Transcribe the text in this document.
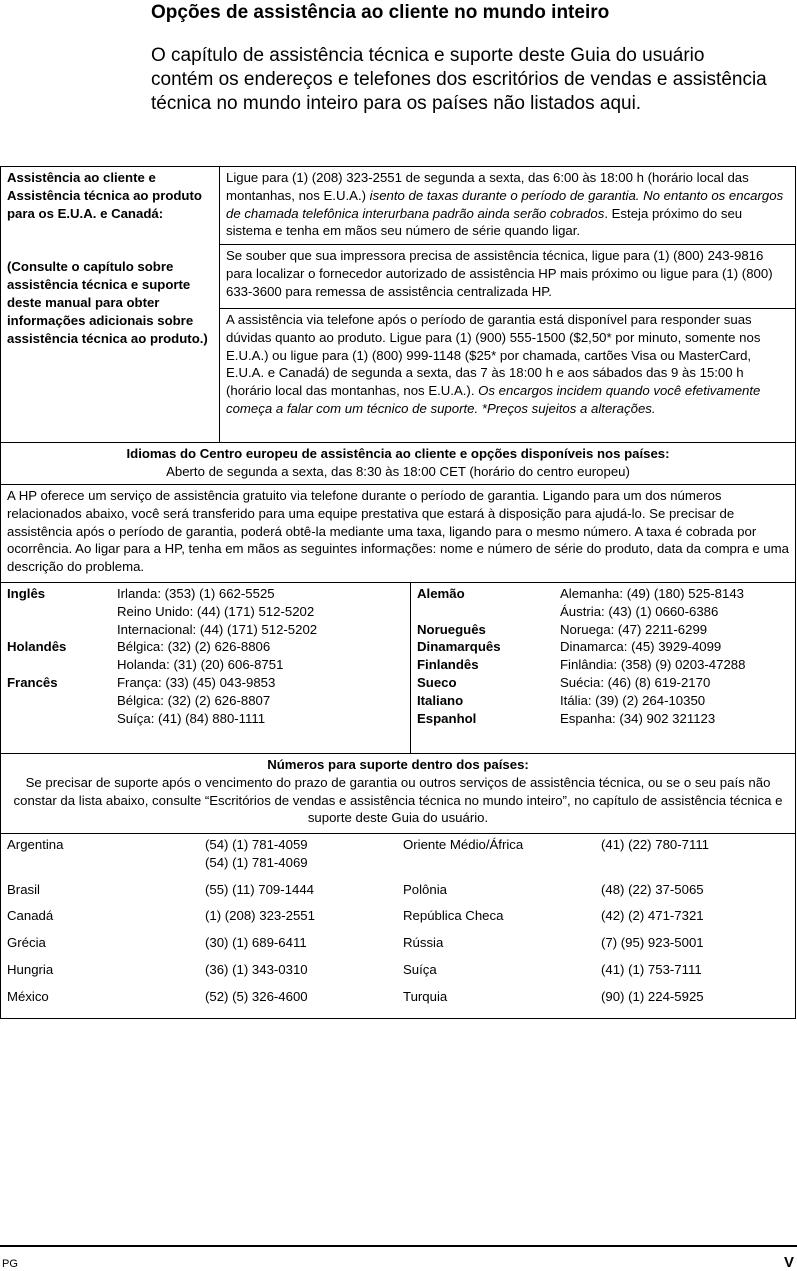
Opções de assistência ao cliente no mundo inteiro
O capítulo de assistência técnica e suporte deste Guia do usuário contém os endereços e telefones dos escritórios de vendas e assistência técnica no mundo inteiro para os países não listados aqui.
Assistência ao cliente e Assistência técnica ao produto para os E.U.A. e Canadá:
(Consulte o capítulo sobre assistência técnica e suporte deste manual para obter informações adicionais sobre assistência técnica ao produto.)
	Ligue para (1) (208) 323-2551 de segunda a sexta, das 6:00 às 18:00 h (horário local das montanhas, nos E.U.A.) isento de taxas durante o período de garantia. No entanto os encargos de chamada telefônica interurbana padrão ainda serão cobrados. Esteja próximo do seu sistema e tenha em mãos seu número de série quando ligar.
Se souber que sua impressora precisa de assistência técnica, ligue para (1) (800) 243-9816 para localizar o fornecedor autorizado de assistência HP mais próximo ou ligue para (1) (800) 633-3600 para remessa de assistência centralizada HP.
A assistência via telefone após o período de garantia está disponível para responder suas dúvidas quanto ao produto. Ligue para (1) (900) 555-1500 ($2,50* por minuto, somente nos E.U.A.) ou ligue para (1) (800) 999-1148 ($25* por chamada, cartões Visa ou MasterCard, E.U.A. e Canadá) de segunda a sexta, das 7 às 18:00 h e aos sábados das 9 às 15:00 h (horário local das montanhas, nos E.U.A.). Os encargos incidem quando você efetivamente começa a falar com um técnico de suporte. *Preços sujeitos a alterações.

Idiomas do Centro europeu de assistência ao cliente e opções disponíveis nos países:
Aberto de segunda a sexta, das 8:30 às 18:00 CET (horário do centro europeu)

A HP oferece um serviço de assistência gratuito via telefone durante o período de garantia. Ligando para um dos números relacionados abaixo, você será transferido para uma equipe prestativa que estará à disposição para ajudá-lo. Se precisar de assistência após o período de garantia, poderá obtê-la mediante uma taxa, ligando para o mesmo número. A taxa é cobrada por ocorrência. Ao ligar para a HP, tenha em mãos as seguintes informações: nome e número de série do produto, data da compra e uma descrição do problema.

Inglês	Irlanda: (353) (1) 662-5525
Reino Unido: (44) (171) 512-5202
Internacional: (44) (171) 512-5202
Holandês	Bélgica: (32) (2) 626-8806
Holanda: (31) (20) 606-8751
Francês	França: (33) (45) 043-9853
Bélgica: (32) (2) 626-8807
Suíça: (41) (84) 880-1111
Alemão	Alemanha: (49) (180) 525-8143
Áustria: (43) (1) 0660-6386
Norueguês	Noruega: (47) 2211-6299
Dinamarquês	Dinamarca: (45) 3929-4099
Finlandês	Finlândia: (358) (9) 0203-47288
Sueco	Suécia: (46) (8) 619-2170
Italiano	Itália: (39) (2) 264-10350
Espanhol	Espanha: (34) 902 321123

Números para suporte dentro dos países:
Se precisar de suporte após o vencimento do prazo de garantia ou outros serviços de assistência técnica, ou se o seu país não constar da lista abaixo, consulte “Escritórios de vendas e assistência técnica no mundo inteiro”, no capítulo de assistência técnica e suporte deste Guia do usuário.

Argentina	(54) (1) 781-4059
(54) (1) 781-4069
Oriente Médio/África	(41) (22) 780-7111
Brasil	(55) (11) 709-1444	Polônia	(48) (22) 37-5065
Canadá	(1) (208) 323-2551	República Checa	(42) (2) 471-7321
Grécia	(30) (1) 689-6411	Rússia	(7) (95) 923-5001
Hungria	(36) (1) 343-0310	Suíça	(41) (1) 753-7111
México	(52) (5) 326-4600	Turquia	(90) (1) 224-5925
PG	V
